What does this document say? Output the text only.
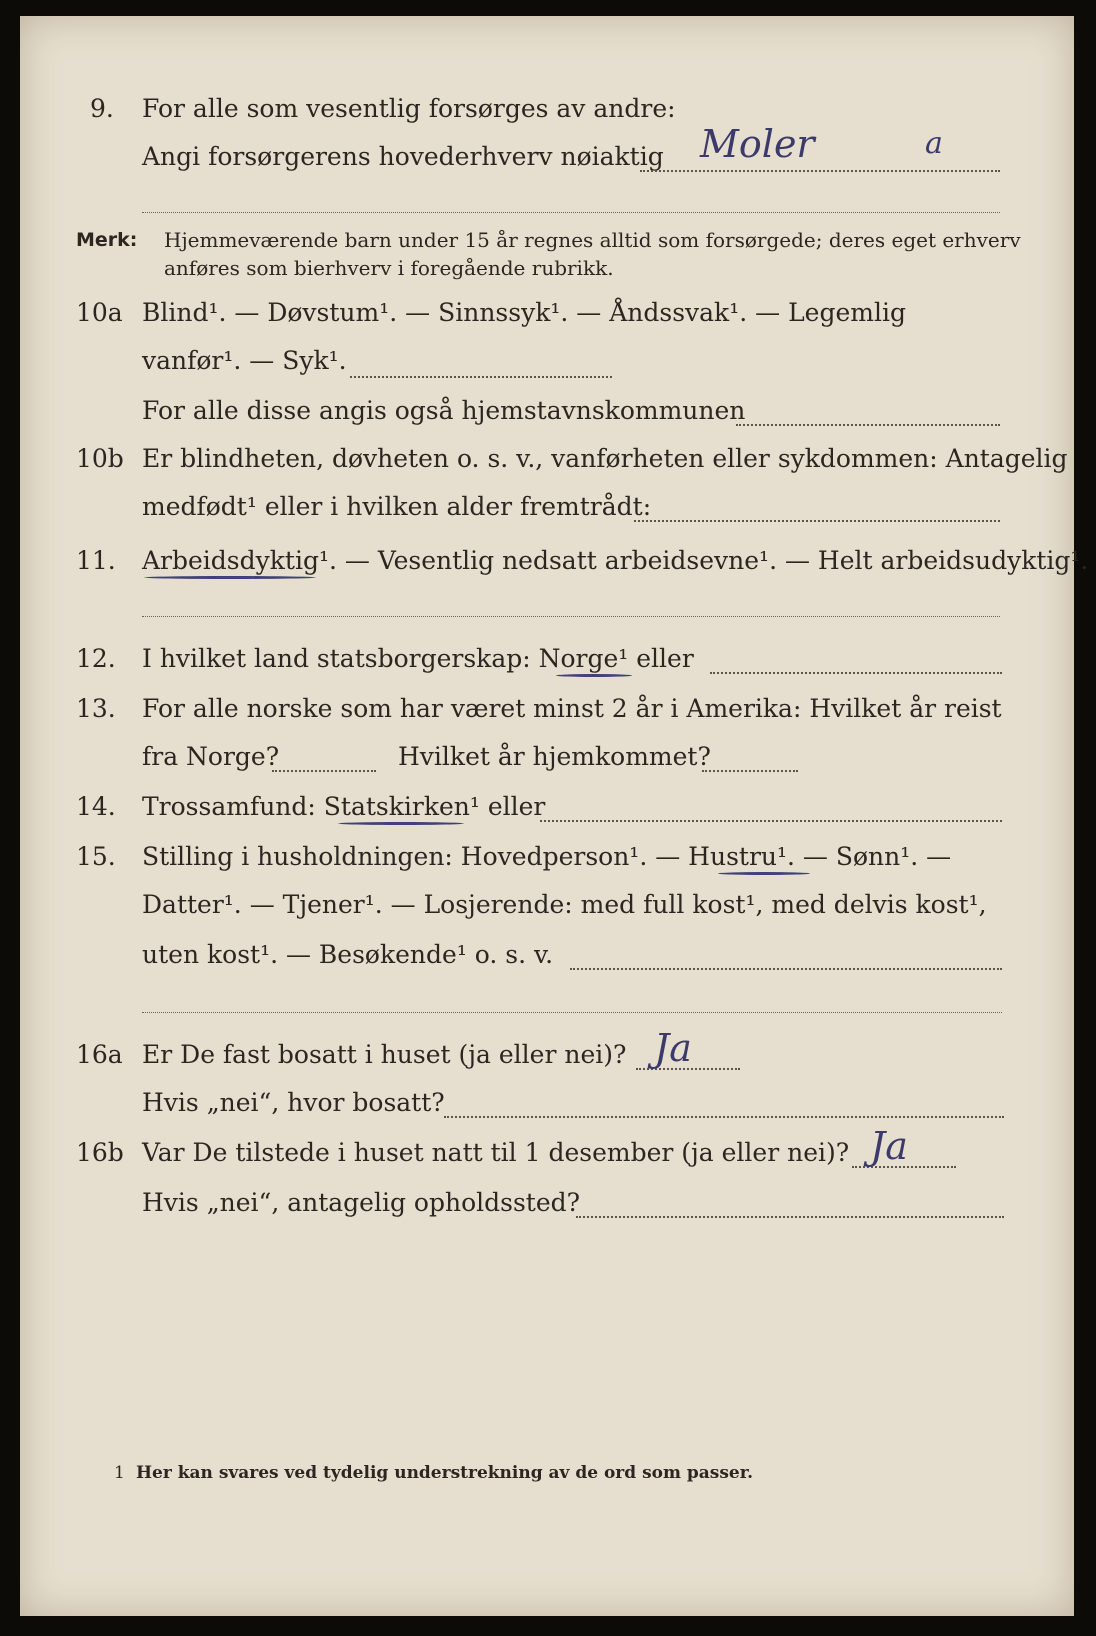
9. For alle som vesentlig forsørges av andre:
Angi forsørgerens hovederhverv nøiaktig Moler	a
Merk: Hjemmeværende barn under 15 år regnes alltid som forsørgede; deres eget erhverv
anføres som bierhverv i foregående rubrikk.
10a Blind¹. — Døvstum¹. — Sinnssyk¹. — Åndssvak¹. — Legemlig
vanfør¹. — Syk¹.
For alle disse angis også hjemstavnskommunen
10b Er blindheten, døvheten o. s. v., vanførheten eller sykdommen: Antagelig
medfødt¹ eller i hvilken alder fremtrådt:
11. Arbeidsdyktig¹. — Vesentlig nedsatt arbeidsevne¹. — Helt arbeidsudyktig¹.
12. I hvilket land statsborgerskap: Norge¹ eller
13. For alle norske som har været minst 2 år i Amerika: Hvilket år reist
fra Norge?	Hvilket år hjemkommet?
14. Trossamfund: Statskirken¹ eller
15. Stilling i husholdningen: Hovedperson¹. — Hustru¹. — Sønn¹. —
Datter¹. — Tjener¹. — Losjerende: med full kost¹, med delvis kost¹,
uten kost¹. — Besøkende¹ o. s. v.
16a Er De fast bosatt i huset (ja eller nei)? Ja
Hvis „nei“, hvor bosatt?
16b Var De tilstede i huset natt til 1 desember (ja eller nei)? Ja
Hvis „nei“, antagelig opholdssted?
1 Her kan svares ved tydelig understrekning av de ord som passer.
